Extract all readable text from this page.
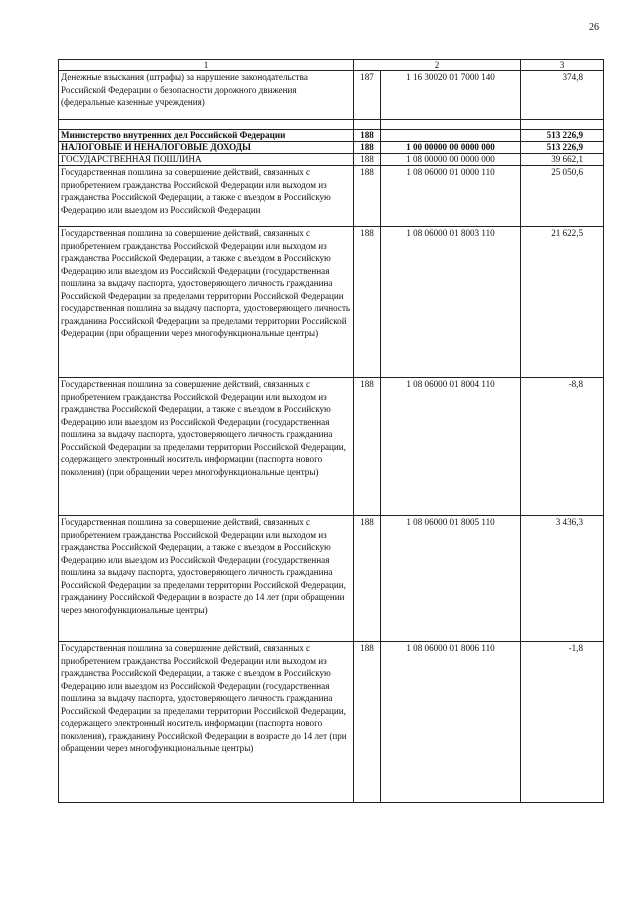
26
1	2		3
Денежные взыскания (штрафы) за нарушение законодательства Российской Федерации о безопасности дорожного движения (федеральные казенные учреждения)	187	1 16 30020 01 7000 140	374,8

Министерство внутренних дел Российской Федерации	188		513 226,9
НАЛОГОВЫЕ И НЕНАЛОГОВЫЕ ДОХОДЫ	188	1 00 00000 00 0000 000	513 226,9
ГОСУДАРСТВЕННАЯ ПОШЛИНА	188	1 08 00000 00 0000 000	39 662,1
Государственная пошлина за совершение действий, связанных с приобретением гражданства Российской Федерации или выходом из гражданства Российской Федерации, а также с въездом в Российскую Федерацию или выездом из Российской Федерации	188	1 08 06000 01 0000 110	25 050,6
Государственная пошлина за совершение действий, связанных с приобретением гражданства Российской Федерации или выходом из гражданства Российской Федерации, а также с въездом в Российскую Федерацию или выездом из Российской Федерации (государственная пошлина за выдачу паспорта, удостоверяющего личность гражданина Российской Федерации за пределами территории Российской Федерации государственная пошлина за выдачу паспорта, удостоверяющего личность гражданина Российской Федерации за пределами территории Российской Федерации (при обращении через многофункциональные центры)	188	1 08 06000 01 8003 110	21 622,5
Государственная пошлина за совершение действий, связанных с приобретением гражданства Российской Федерации или выходом из гражданства Российской Федерации, а также с въездом в Российскую Федерацию или выездом из Российской Федерации (государственная пошлина за выдачу паспорта, удостоверяющего личность гражданина Российской Федерации за пределами территории Российской Федерации, содержащего электронный носитель информации (паспорта нового поколения) (при обращении через многофункциональные центры)	188	1 08 06000 01 8004 110	-8,8
Государственная пошлина за совершение действий, связанных с приобретением гражданства Российской Федерации или выходом из гражданства Российской Федерации, а также с въездом в Российскую Федерацию или выездом из Российской Федерации (государственная пошлина за выдачу паспорта, удостоверяющего личность гражданина Российской Федерации за пределами территории Российской Федерации, гражданину Российской Федерации в возрасте до 14 лет (при обращении через многофункциональные центры)	188	1 08 06000 01 8005 110	3 436,3
Государственная пошлина за совершение действий, связанных с приобретением гражданства Российской Федерации или выходом из гражданства Российской Федерации, а также с въездом в Российскую Федерацию или выездом из Российской Федерации (государственная пошлина за выдачу паспорта, удостоверяющего личность гражданина Российской Федерации за пределами территории Российской Федерации, содержащего электронный носитель информации (паспорта нового поколения), гражданину Российской Федерации в возрасте до 14 лет (при обращении через многофункциональные центры)	188	1 08 06000 01 8006 110	-1,8
